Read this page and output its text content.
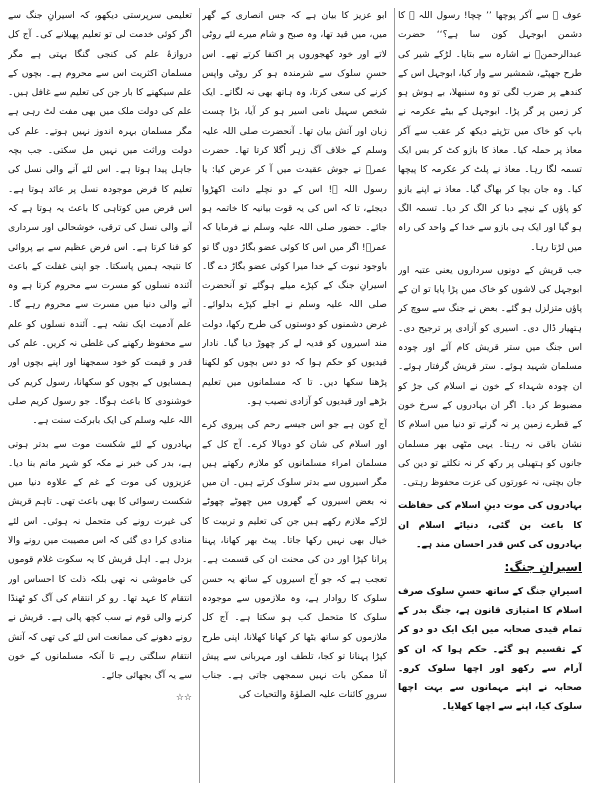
عوف ؓ سے آکر پوچھا ’’ چچا! رسول اللہ ﷺ کا دشمن ابوجہل کون سا ہے؟‘‘ حضرت عبدالرحمنؓ نے اشارہ سے بتایا۔ لڑکے شیر کی طرح جھپٹے، شمشیر سے وار کیا، ابوجہل اس کے کندھے پر ضرب لگی تو وہ سنبھلا، بے ہوش ہو کر زمین پر گر پڑا۔ ابوجہل کے بیٹے عکرمہ نے باپ کو خاک میں تڑپتے دیکھ کر عقب سے آکر معاذ پر حملہ کیا۔ معاذ کا بازو کٹ کر بس ایک تسمہ لگا رہا۔ معاذ نے پلٹ کر عکرمہ کا پیچھا کیا۔ وہ جان بچا کر بھاگ گیا۔ معاذ نے اپنے بازو کو پاؤں کے نیچے دبا کر الگ کر دیا۔ تسمہ الگ ہو گیا اور ایک ہی بازو سے خدا کے واحد کی راہ میں لڑتا رہا۔

جب قریش کے دونوں سرداروں یعنی عتبہ اور ابوجہل کی لاشوں کو خاک میں پڑا پایا تو ان کے پاؤں متزلزل ہو گئے۔ بعض نے جنگ سے سوچ کر ہتھیار ڈال دی۔ اسیری کو آزادی پر ترجیح دی۔ اس جنگ میں ستر قریش کام آئے اور چودہ مسلمان شہید ہوئے۔ ستر قریش گرفتار ہوئے۔ ان چودہ شہداء کے خون نے اسلام کی جڑ کو مضبوط کر دیا۔ اگر ان بہادروں کے سرخ خون کے قطرے زمین پر نہ گرتے تو دنیا میں اسلام کا نشان باقی نہ رہتا۔ یہی مٹھی بھر مسلمان جانوں کو ہتھیلی پر رکھ کر نہ نکلتے تو دین کی جان بچتی، نہ عورتوں کی عزت محفوظ رہتی۔

بہادروں کی موت دینِ اسلام کی حفاظت کا باعث بن گئی، دنیائے اسلام ان بہادروں کی کس قدر احسان مند ہے۔

اسیرانِ جنگ:

اسیرانِ جنگ کے ساتھ حسنِ سلوک صرف اسلام کا امتیازی قانون ہے، جنگ بدر کے تمام قیدی صحابہ میں ایک ایک دو دو کر کے تقسیم ہو گئے۔ حکم ہوا کہ ان کو آرام سے رکھو اور اچھا سلوک کرو۔ صحابہ نے اپنے مہمانوں سے بہت اچھا سلوک کیا، اپنے سے اچھا کھلایا۔

ابو عزیز کا بیان ہے کہ جس انصاری کے گھر میں، میں قید تھا، وہ صبح و شام میرے لئے روٹی لاتے اور خود کھجوروں پر اکتفا کرتے تھے۔ اس حسنِ سلوک سے شرمندہ ہو کر روٹی واپس کرنے کی سعی کرتا، وہ ہاتھ بھی نہ لگاتے۔ ایک شخص سہیل نامی اسیر ہو کر آیا، بڑا چست زبان اور آتش بیان تھا۔ آنحضرت صلی اللہ علیہ وسلم کے خلاف آگ زہر اُگلا کرتا تھا۔ حضرت عمرؓ نے جوش عقیدت میں آ کر عرض کیا: یا رسول اللہ ﷺ! اس کے دو نچلے دانت اکھڑوا دیجئے، تا کہ اس کی یہ قوت بیانیہ کا خاتمہ ہو جائے۔ حضور صلی اللہ علیہ وسلم نے فرمایا کہ عمرؓ! اگر میں اس کا کوئی عضو بگاڑ دوں گا تو باوجود نبوت کے خدا میرا کوئی عضو بگاڑ دے گا۔ اسیرانِ جنگ کے کپڑے میلے ہوگئے تو آنحضرت صلی اللہ علیہ وسلم نے اجلے کپڑے بدلوائے۔ غرض دشمنوں کو دوستوں کی طرح رکھا، دولت مند اسیروں کو فدیہ لے کر چھوڑ دیا گیا۔ نادار قیدیوں کو حکم ہوا کہ دو دس بچوں کو لکھنا پڑھنا سکھا دیں۔ تا کہ مسلمانوں میں تعلیم بڑھے اور قیدیوں کو آزادی نصیب ہو۔

آج کون ہے جو اس جیسے رحم کی پیروی کرے اور اسلام کی شان کو دوبالا کرے۔ آج کل کے مسلمان امراء مسلمانوں کو ملازم رکھتے ہیں مگر اسیروں سے بدتر سلوک کرتے ہیں۔ ان میں نہ بعض اسیروں کے گھروں میں چھوٹے چھوٹے لڑکے ملازم رکھے ہیں جن کی تعلیم و تربیت کا خیال بھی نہیں رکھا جاتا۔ پیٹ بھر کھانا، پہنا پرانا کپڑا اور دن کی محنت ان کی قسمت ہے۔ تعجب ہے کہ جو آج اسیروں کے ساتھ یہ حسن سلوک کا روادار ہے، وہ ملازموں سے موجودہ سلوک کا متحمل کب ہو سکتا ہے۔ آج کل ملازموں کو ساتھ بٹھا کر کھانا کھلانا، اپنی طرح کپڑا پہنانا تو کجا، تلطف اور مہربانی سے پیش آنا ممکن بات نہیں سمجھی جاتی ہے۔ جناب سرورِ کائنات علیہ الصلوٰۃ والتحیات کی

تعلیمی سرپرستی دیکھو، کہ اسیرانِ جنگ سے اگر کوئی خدمت لی تو تعلیم پھیلانے کی۔ آج کل دروازۂ علم کی کنجی گنگا بہتی ہے مگر مسلمان اکثریت اس سے محروم ہے۔ بچوں کے علم سیکھنے کا بار جن کی تعلیم سے غافل ہیں۔ علم کی دولت ملک میں بھی مفت لٹ رہی ہے مگر مسلمان بہرہ اندوز نہیں ہوتے۔ علم کی دولت وراثت میں نہیں مل سکتی۔ جب بچہ جاہل پیدا ہوتا ہے۔ اس لئے آنے والی نسل کی تعلیم کا فرض موجودہ نسل پر عائد ہوتا ہے۔ اس فرض میں کوتاہی کا باعث یہ ہوتا ہے کہ آنے والی نسل کی ترقی، خوشحالی اور سرداری کو فنا کرتا ہے۔ اس فرض عظیم سے بے پروائی کا نتیجہ ہمیں پاسکتا۔ جو اپنی غفلت کے باعث آئندہ نسلوں کو مسرت سے محروم کرتا ہے وہ آنے والی دنیا میں مسرت سے محروم رہے گا۔ علم آدمیت ایک نشہ ہے۔ آئندہ نسلوں کو علم سے محفوظ رکھنے کی غلطی نہ کریں۔ علم کی قدر و قیمت کو خود سمجھنا اور اپنے بچوں اور ہمسایوں کے بچوں کو سکھانا، رسول کریم کی خوشنودی کا باعث ہوگا۔ جو رسول کریم صلی اللہ علیہ وسلم کی ایک بابرکت سنت ہے۔

بہادروں کے لئے شکست موت سے بدتر ہوتی ہے، بدر کی خبر نے مکہ کو شہر ماتم بنا دیا۔ عزیزوں کی موت کے غم کے علاوہ دنیا میں شکست رسوائی کا بھی باعث تھی۔ تاہم قریش کی غیرت رونے کی متحمل نہ ہوئی۔ اس لئے منادی کرا دی گئی کہ اس مصیبت میں رونے والا بزدل ہے۔ اہل قریش کا یہ سکوت غلام قوموں کی خاموشی نہ تھی بلکہ ذلت کا احساس اور انتقام کا عہد تھا۔ رو کر انتقام کی آگ کو ٹھنڈا کرنے والی قوم نے سب کچھ پالی ہے۔ قریش نے رونے دھونے کی ممانعت اس لئے کی تھی کہ آتش انتقام سلگتی رہے تا آنکہ مسلمانوں کے خون سے یہ آگ بجھائی جائے۔

☆☆
